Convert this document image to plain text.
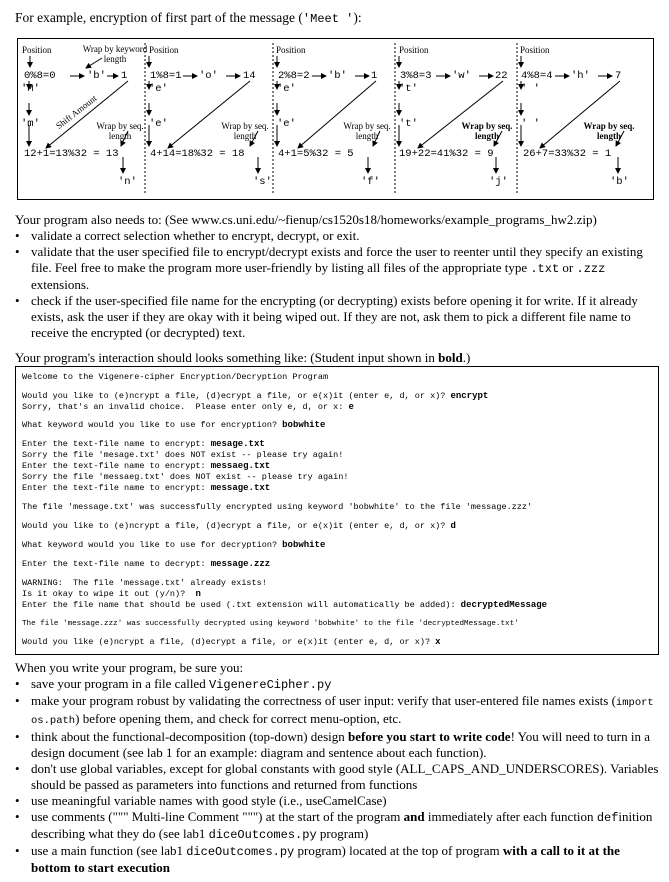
For example, encryption of first part of the message ('Meet '):
Position	Wrap by keyword length
0%8=0	'b' 1
'M'
'm' Shift Amount
Wrap by seq. length
12+1=13%32 = 13
'n'
Position
1%8=1 'o' 14
'e'
'e'	Wrap by seq. length
4+14=18%32 = 18
's'
Position
2%8=2 'b' 1
'e'
'e'	Wrap by seq. length
4+1=5%32 = 5
'f'
Position
3%8=3 'w' 22
't'
't'	Wrap by seq. length
19+22=41%32 = 9
'j'
Position
4%8=4 'h' 7
' '
' '	Wrap by seq. length
26+7=33%32 = 1
'b'
Your program also needs to: (See www.cs.uni.edu/~fienup/cs1520s18/homeworks/example_programs_hw2.zip)
• validate a correct selection whether to encrypt, decrypt, or exit.
• validate that the user specified file to encrypt/decrypt exists and force the user to reenter until they specify an existing file. Feel free to make the program more user-friendly by listing all files of the appropriate type .txt or .zzz extensions.
• check if the user-specified file name for the encrypting (or decrypting) exists before opening it for write. If it already exists, ask the user if they are okay with it being wiped out. If they are not, ask them to pick a different file name to receive the encrypted (or decrypted) text.
Your program's interaction should looks something like: (Student input shown in bold.)
Welcome to the Vigenere-cipher Encryption/Decryption Program
Would you like to (e)ncrypt a file, (d)ecrypt a file, or e(x)it (enter e, d, or x)? encrypt
Sorry, that's an invalid choice.  Please enter only e, d, or x: e
What keyword would you like to use for encryption? bobwhite
Enter the text-file name to encrypt: mesage.txt
Sorry the file 'mesage.txt' does NOT exist -- please try again!
Enter the text-file name to encrypt: messaeg.txt
Sorry the file 'messaeg.txt' does NOT exist -- please try again!
Enter the text-file name to encrypt: message.txt
The file 'message.txt' was successfully encrypted using keyword 'bobwhite' to the file 'message.zzz'
Would you like to (e)ncrypt a file, (d)ecrypt a file, or e(x)it (enter e, d, or x)? d
What keyword would you like to use for decryption? bobwhite
Enter the text-file name to decrypt: message.zzz
WARNING:  The file 'message.txt' already exists!
Is it okay to wipe it out (y/n)?  n
Enter the file name that should be used (.txt extension will automatically be added): decryptedMessage
The file 'message.zzz' was successfully decrypted using keyword 'bobwhite' to the file 'decryptedMessage.txt'
Would you like (e)ncrypt a file, (d)ecrypt a file, or e(x)it (enter e, d, or x)? x
When you write your program, be sure you:
• save your program in a file called VigenereCipher.py
• make your program robust by validating the correctness of user input: verify that user-entered file names exists (import os.path) before opening them, and check for correct menu-option, etc.
• think about the functional-decomposition (top-down) design before you start to write code! You will need to turn in a design document (see lab 1 for an example: diagram and sentence about each function).
• don't use global variables, except for global constants with good style (ALL_CAPS_AND_UNDERSCORES). Variables should be passed as parameters into functions and returned from functions
• use meaningful variable names with good style (i.e., useCamelCase)
• use comments (""" Multi-line Comment """) at the start of the program and immediately after each function definition describing what they do (see lab1 diceOutcomes.py program)
• use a main function (see lab1 diceOutcomes.py program) located at the top of program with a call to it at the bottom to start execution
